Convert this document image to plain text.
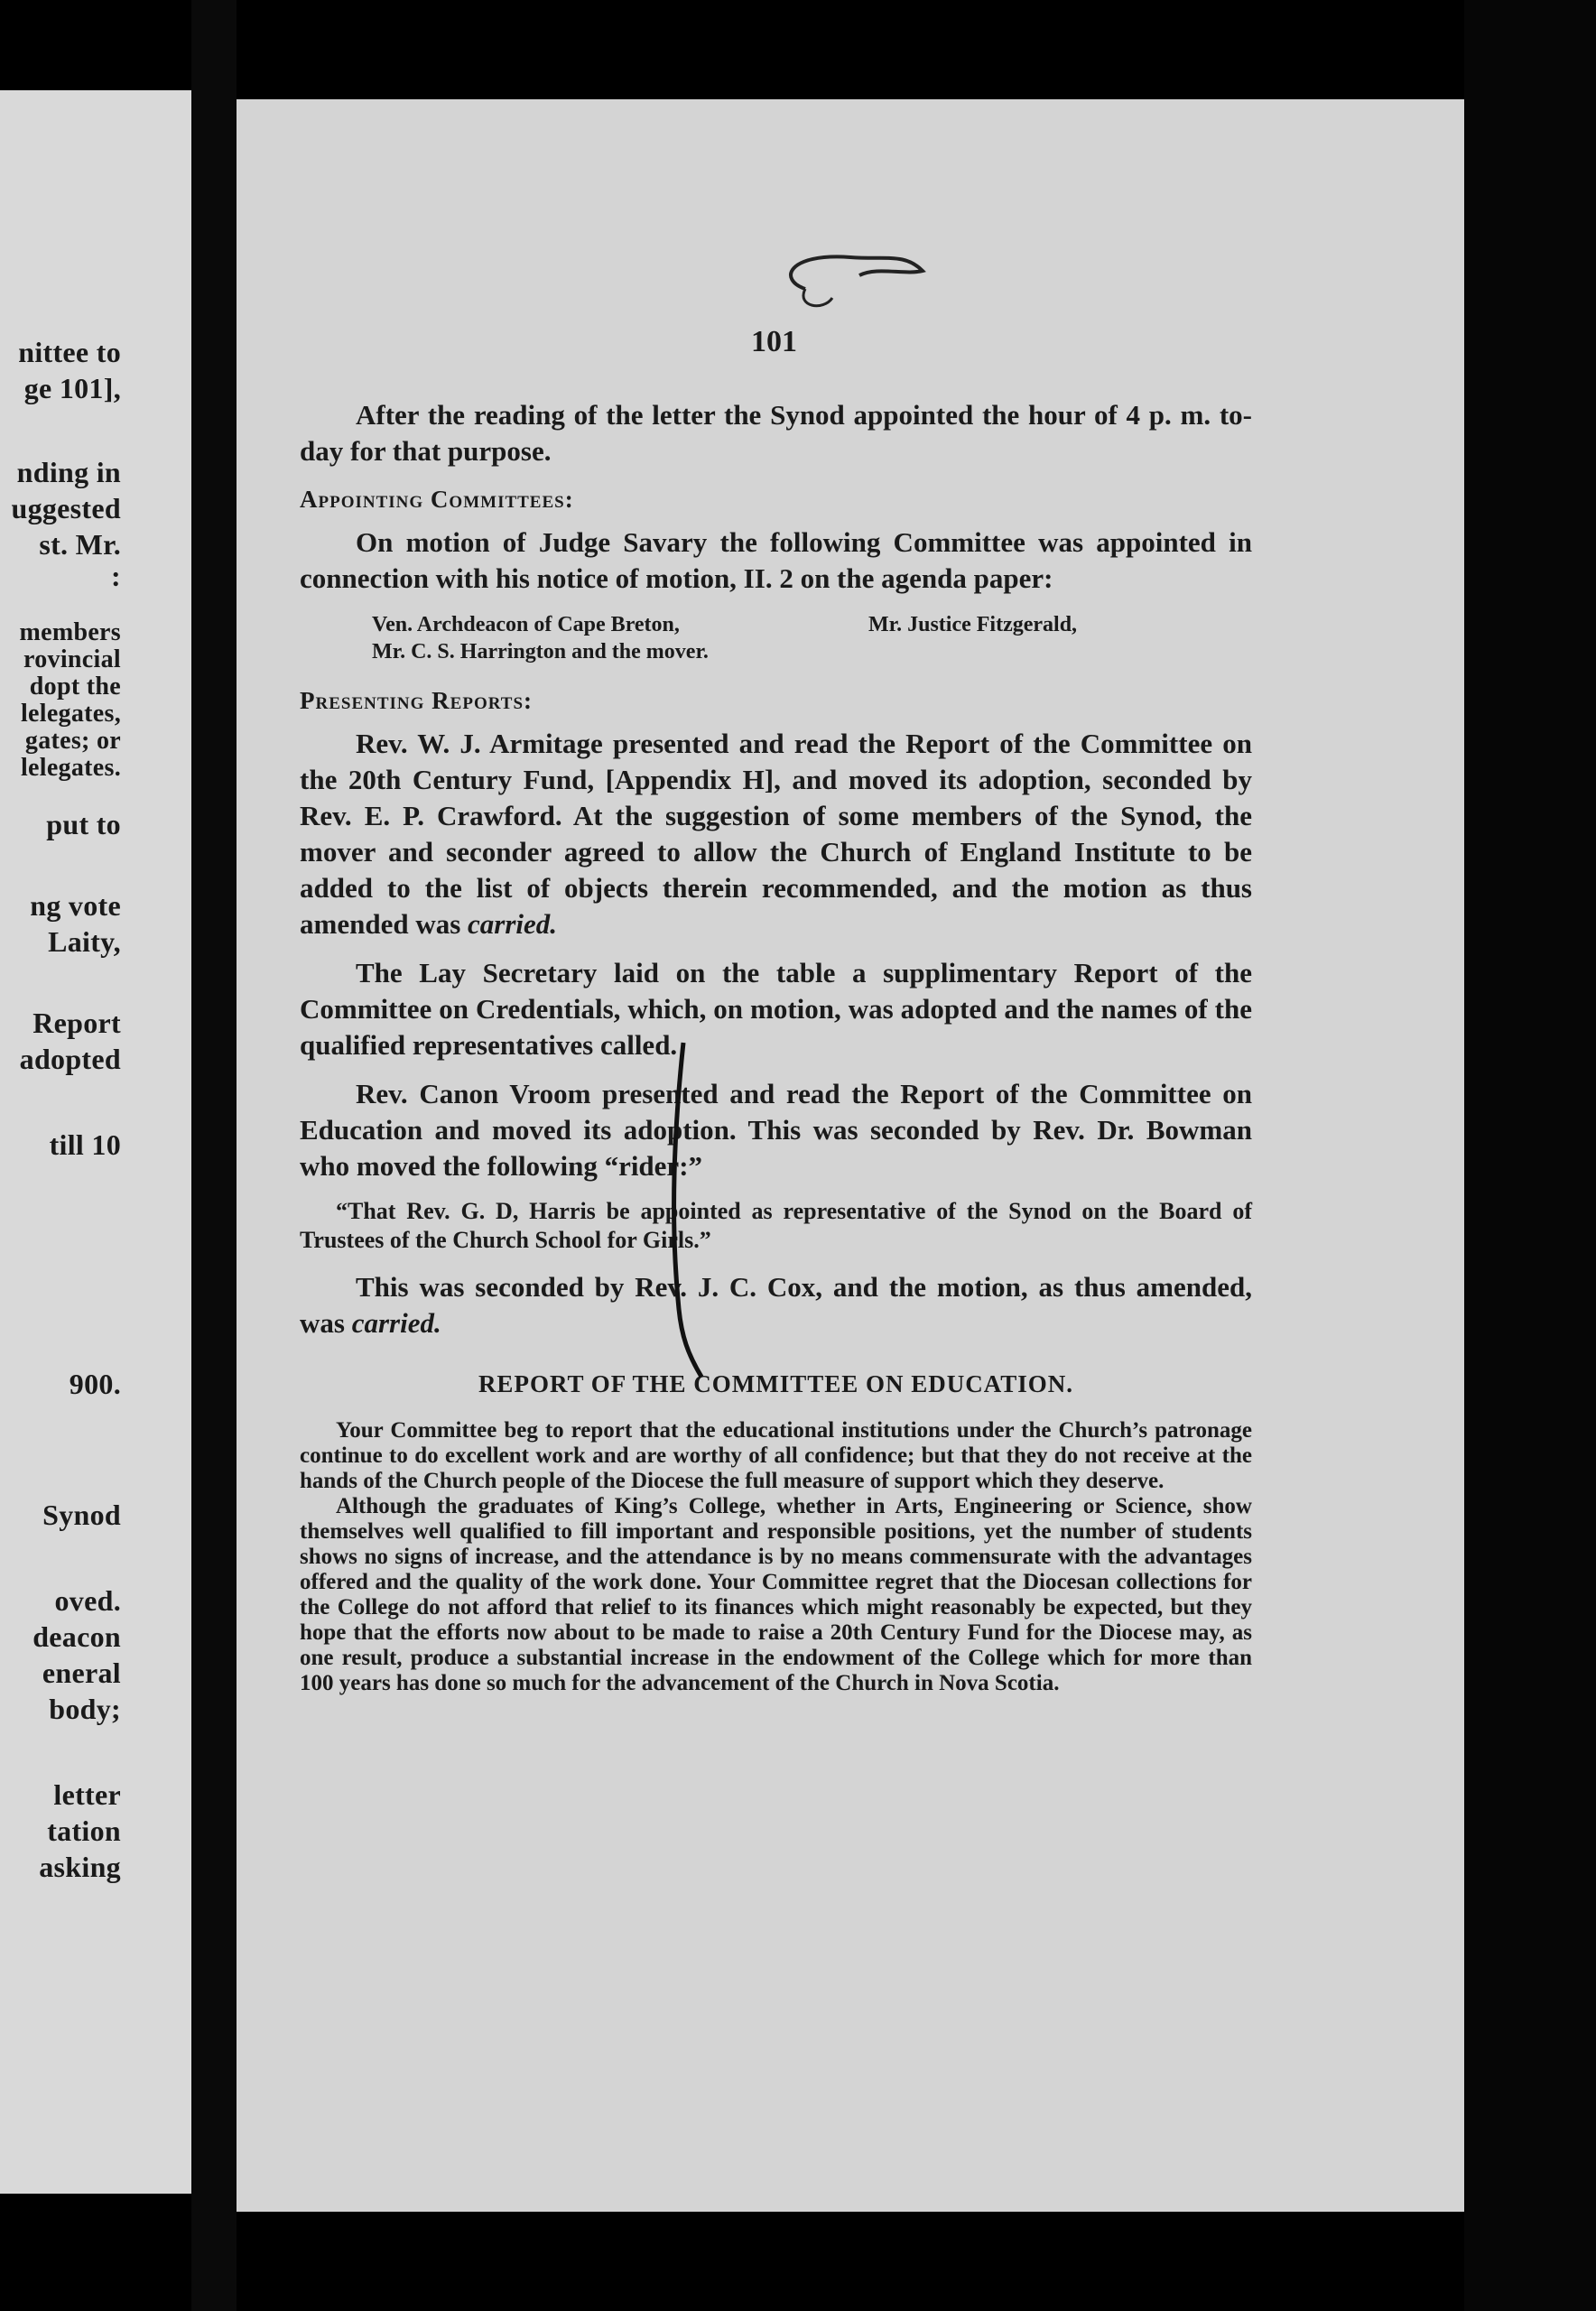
nittee to
ge 101],
nding in
uggested
st. Mr.
:
members
rovincial
dopt the
lelegates,
gates; or
lelegates.
put to
ng vote
Laity,
Report
adopted
till 10
900.
Synod
oved.
deacon
eneral
body;
letter
tation
asking
101

After the reading of the letter the Synod appointed the hour of 4 p. m. to-day for that purpose.

Appointing Committees:

On motion of Judge Savary the following Committee was appointed in connection with his notice of motion, II. 2 on the agenda paper:

Ven. Archdeacon of Cape Breton,
Mr. C. S. Harrington and the mover.
Mr. Justice Fitzgerald,
Presenting Reports:

Rev. W. J. Armitage presented and read the Report of the Committee on the 20th Century Fund, [Appendix H], and moved its adoption, seconded by Rev. E. P. Crawford. At the suggestion of some members of the Synod, the mover and seconder agreed to allow the Church of England Institute to be added to the list of objects therein recommended, and the motion as thus amended was carried.

The Lay Secretary laid on the table a supplimentary Report of the Committee on Credentials, which, on motion, was adopted and the names of the qualified representatives called.

Rev. Canon Vroom presented and read the Report of the Committee on Education and moved its adoption. This was seconded by Rev. Dr. Bowman who moved the following “rider:”

“That Rev. G. D, Harris be appointed as representative of the Synod on the Board of Trustees of the Church School for Girls.”

This was seconded by Rev. J. C. Cox, and the motion, as thus amended, was carried.

REPORT OF THE COMMITTEE ON EDUCATION.

Your Committee beg to report that the educational institutions under the Church’s patronage continue to do excellent work and are worthy of all confidence; but that they do not receive at the hands of the Church people of the Diocese the full measure of support which they deserve.

Although the graduates of King’s College, whether in Arts, Engineering or Science, show themselves well qualified to fill important and responsible positions, yet the number of students shows no signs of increase, and the attendance is by no means commensurate with the advantages offered and the quality of the work done. Your Committee regret that the Diocesan collections for the College do not afford that relief to its finances which might reasonably be expected, but they hope that the efforts now about to be made to raise a 20th Century Fund for the Diocese may, as one result, produce a substantial increase in the endowment of the College which for more than 100 years has done so much for the advancement of the Church in Nova Scotia.
